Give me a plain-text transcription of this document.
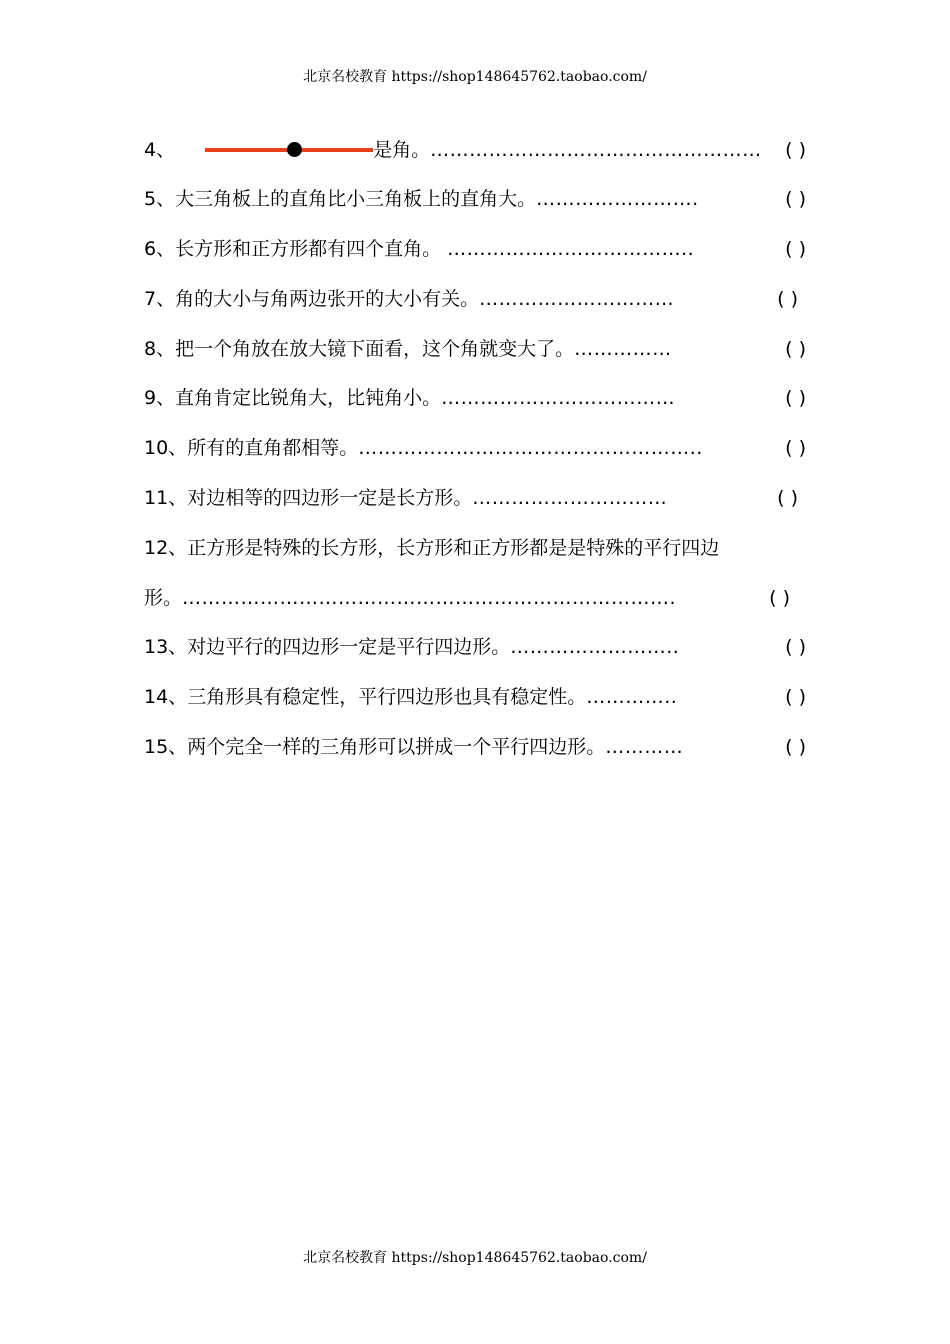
北京名校教育 https://shop148645762.taobao.com/
4、	是角。…………………………………………… ( )
5、大三角板上的直角比小三角板上的直角大。…………………….	( )
6、长方形和正方形都有四个直角。 ………………………………..	( )
7、角的大小与角两边张开的大小有关。…………………………	( )
8、把一个角放在放大镜下面看，这个角就变大了。……………	( )
9、直角肯定比锐角大，比钝角小。………………………………	( )
10、所有的直角都相等。……………………………………………..	( )
11、对边相等的四边形一定是长方形。…………………………	( )
12、正方形是特殊的长方形，长方形和正方形都是是特殊的平行四边
形。………………………………………………………………….	( )
13、对边平行的四边形一定是平行四边形。……………………..	( )
14、三角形具有稳定性，平行四边形也具有稳定性。…………..	( )
15、两个完全一样的三角形可以拼成一个平行四边形。…………	( )
北京名校教育 https://shop148645762.taobao.com/
